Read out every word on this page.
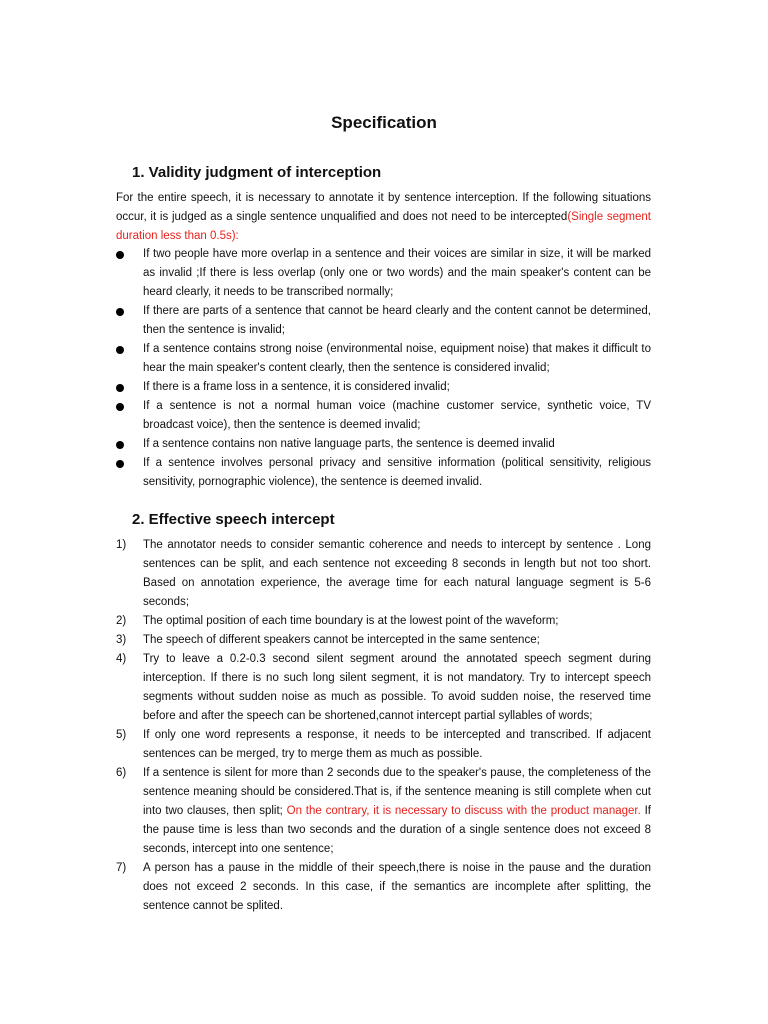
Specification
1. Validity judgment of interception

For the entire speech, it is necessary to annotate it by sentence interception. If the following situations occur, it is judged as a single sentence unqualified and does not need to be intercepted(Single segment duration less than 0.5s):

If two people have more overlap in a sentence and their voices are similar in size, it will be marked as invalid ;If there is less overlap (only one or two words) and the main speaker's content can be heard clearly, it needs to be transcribed normally;
If there are parts of a sentence that cannot be heard clearly and the content cannot be determined, then the sentence is invalid;
If a sentence contains strong noise (environmental noise, equipment noise) that makes it difficult to hear the main speaker's content clearly, then the sentence is considered invalid;
If there is a frame loss in a sentence, it is considered invalid;
If a sentence is not a normal human voice (machine customer service, synthetic voice, TV broadcast voice), then the sentence is deemed invalid;
If a sentence contains non native language parts, the sentence is deemed invalid
If a sentence involves personal privacy and sensitive information (political sensitivity, religious sensitivity, pornographic violence), the sentence is deemed invalid.
2. Effective speech intercept
1) The annotator needs to consider semantic coherence and needs to intercept by sentence . Long sentences can be split, and each sentence not exceeding 8 seconds in length but not too short. Based on annotation experience, the average time for each natural language segment is 5-6 seconds;
2) The optimal position of each time boundary is at the lowest point of the waveform;
3) The speech of different speakers cannot be intercepted in the same sentence;
4) Try to leave a 0.2-0.3 second silent segment around the annotated speech segment during interception. If there is no such long silent segment, it is not mandatory. Try to intercept speech segments without sudden noise as much as possible. To avoid sudden noise, the reserved time before and after the speech can be shortened,cannot intercept partial syllables of words;
5) If only one word represents a response, it needs to be intercepted and transcribed. If adjacent sentences can be merged, try to merge them as much as possible.
6) If a sentence is silent for more than 2 seconds due to the speaker's pause, the completeness of the sentence meaning should be considered.That is, if the sentence meaning is still complete when cut into two clauses, then split; On the contrary, it is necessary to discuss with the product manager. If the pause time is less than two seconds and the duration of a single sentence does not exceed 8 seconds, intercept into one sentence;
7) A person has a pause in the middle of their speech,there is noise in the pause and the duration does not exceed 2 seconds. In this case, if the semantics are incomplete after splitting, the sentence cannot be splited.
